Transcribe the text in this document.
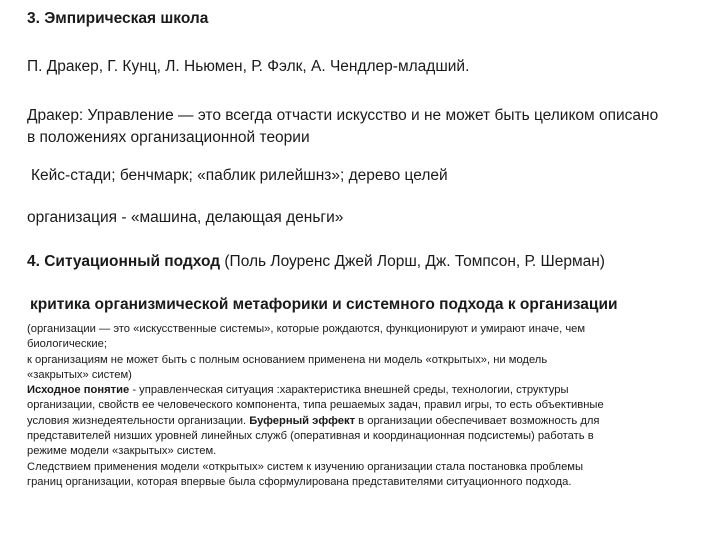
3. Эмпирическая школа
П. Дракер, Г. Кунц, Л. Ньюмен, Р. Фэлк, А. Чендлер-младший.
Дракер: Управление — это всегда отчасти искусство и не может быть целиком описано
в положениях организационной теории
Кейс-стади; бенчмарк; «паблик рилейшнз»; дерево целей
организация - «машина, делающая деньги»
4. Ситуационный подход (Поль Лоуренс Джей Лорш, Дж. Томпсон, Р. Шерман)
критика организмической метафорики и системного подхода к организации

(организации — это «искусственные системы», которые рождаются, функционируют и умирают иначе, чем

биологические;

к организациям не может быть с полным основанием применена ни модель «открытых», ни модель

«закрытых» систем)

Исходное понятие - управленческая ситуация :характеристика внешней среды, технологии, структуры

организации, свойств ее человеческого компонента, типа решаемых задач, правил игры, то есть объективные

условия жизнедеятельности организации. Буферный эффект в организации обеспечивает возможность для

представителей низших уровней линейных служб (оперативная и координационная подсистемы) работать в

режиме модели «закрытых» систем.

Следствием применения модели «открытых» систем к изучению организации стала постановка проблемы

границ организации, которая впервые была сформулирована представителями ситуационного подхода.
